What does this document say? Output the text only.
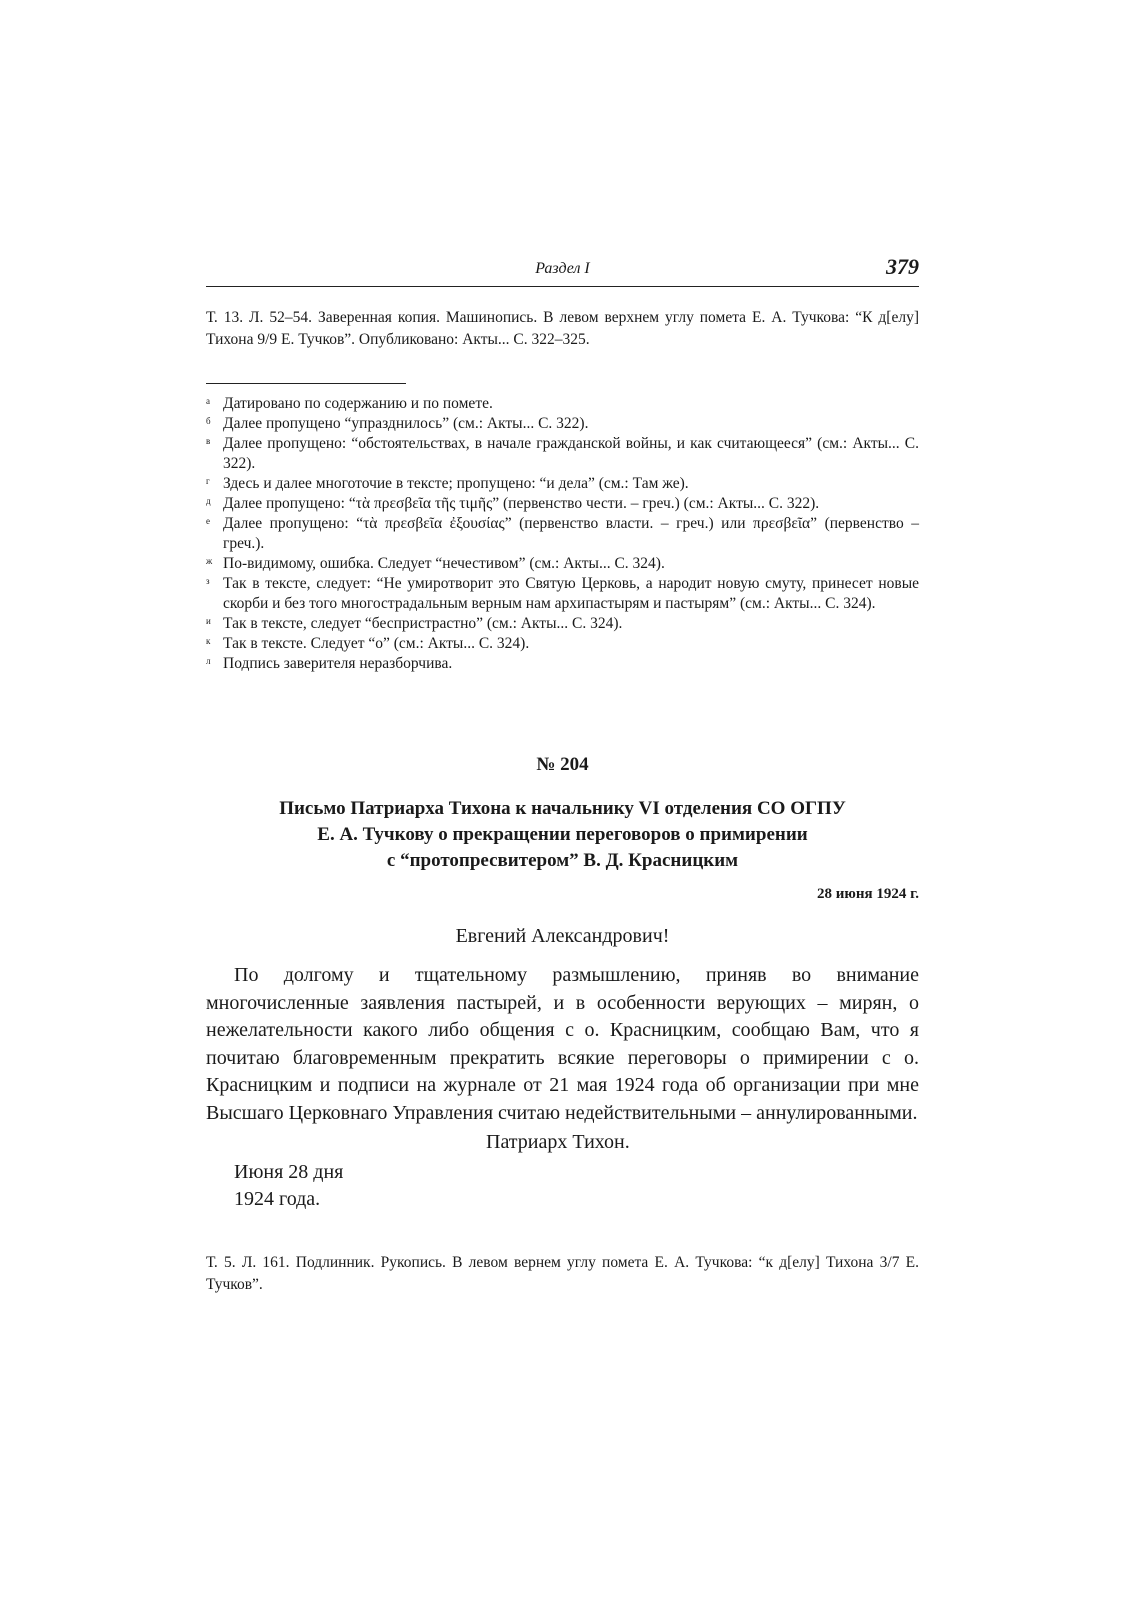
Раздел I	379
Т. 13. Л. 52–54. Заверенная копия. Машинопись. В левом верхнем углу помета Е. А. Тучкова: “К д[елу] Тихона 9/9 Е. Тучков”. Опубликовано: Акты... С. 322–325.
а Датировано по содержанию и по помете.
б Далее пропущено “упразднилось” (см.: Акты... С. 322).
в Далее пропущено: “обстоятельствах, в начале гражданской войны, и как считающееся” (см.: Акты... С. 322).
г Здесь и далее многоточие в тексте; пропущено: “и дела” (см.: Там же).
д Далее пропущено: “τὰ πρεσβεῖα τῆς τιμῆς” (первенство чести. – греч.) (см.: Акты... С. 322).
е Далее пропущено: “τὰ πρεσβεῖα ἐξουσίας” (первенство власти. – греч.) или πρεσβεῖα” (первенство – греч.).
ж По-видимому, ошибка. Следует “нечестивом” (см.: Акты... С. 324).
з Так в тексте, следует: “Не умиротворит это Святую Церковь, а народит новую смуту, принесет новые скорби и без того многострадальным верным нам архипастырям и пастырям” (см.: Акты... С. 324).
и Так в тексте, следует “беспристрастно” (см.: Акты... С. 324).
к Так в тексте. Следует “о” (см.: Акты... С. 324).
л Подпись заверителя неразборчива.
№ 204
Письмо Патриарха Тихона к начальнику VI отделения СО ОГПУ
Е. А. Тучкову о прекращении переговоров о примирении
с “протопресвитером” В. Д. Красницким
28 июня 1924 г.
Евгений Александрович!
По долгому и тщательному размышлению, приняв во внимание многочисленные заявления пастырей, и в особенности верующих – мирян, о нежелательности какого либо общения с о. Красницким, сообщаю Вам, что я почитаю благовременным прекратить всякие переговоры о примирении с о. Красницким и подписи на журнале от 21 мая 1924 года об организации при мне Высшаго Церковнаго Управления считаю недействительными – аннулированными.
Патриарх Тихон.
Июня 28 дня
1924 года.
Т. 5. Л. 161. Подлинник. Рукопись. В левом вернем углу помета Е. А. Тучкова: “к д[елу] Тихона 3/7 Е. Тучков”.
